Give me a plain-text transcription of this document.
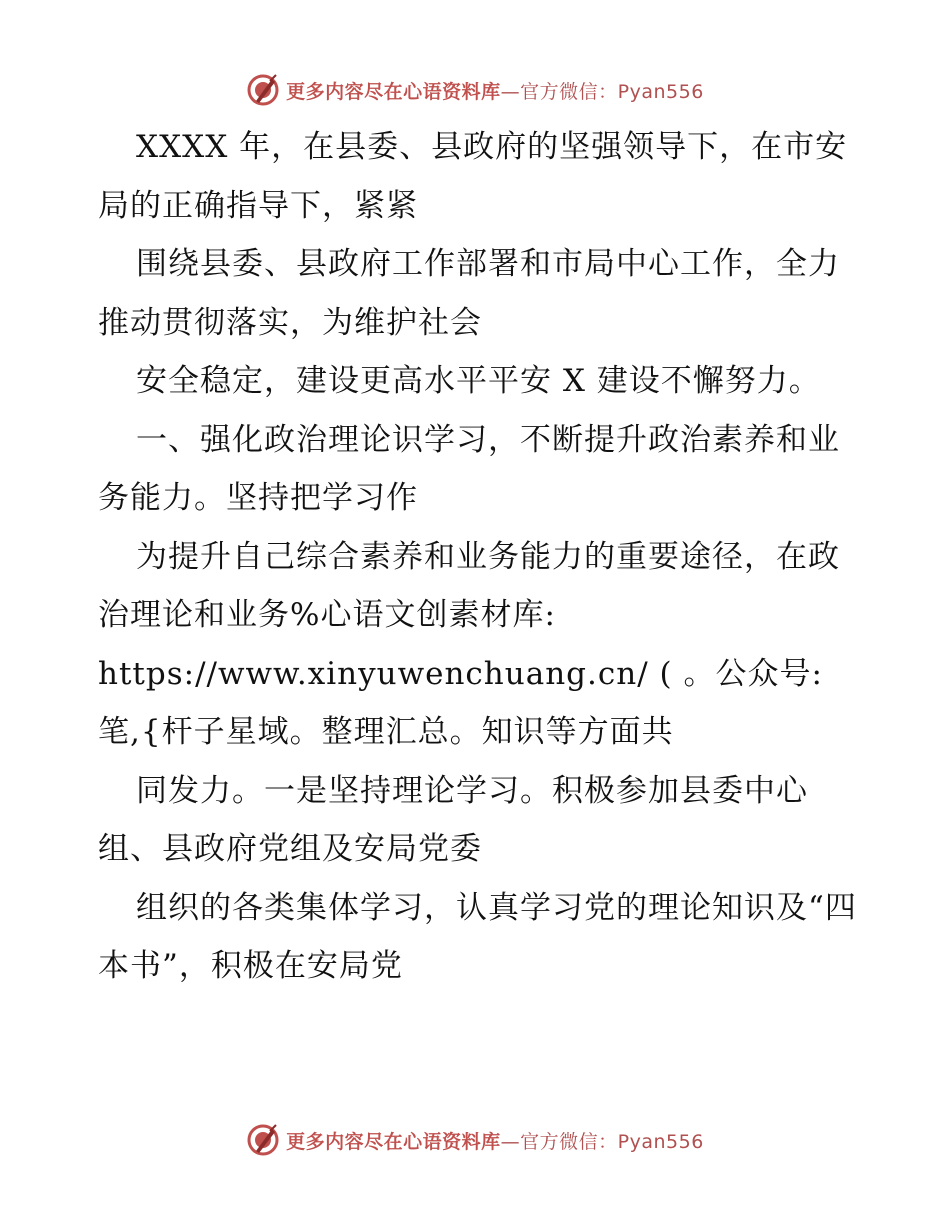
更多内容尽在心语资料库 —官方微信：Pyan556

XXXX 年，在县委、县政府的坚强领导下，在市安局的正确指导下，紧紧

围绕县委、县政府工作部署和市局中心工作，全力推动贯彻落实，为维护社会

安全稳定，建设更高水平平安 X 建设不懈努力。

一、强化政治理论识学习，不断提升政治素养和业务能力。坚持把学习作

为提升自己综合素养和业务能力的重要途径，在政治理论和业务%心语文创素材库: https://www.xinyuwenchuang.cn/ ( 。公众号: 笔,{杆子星域。整理汇总。知识等方面共

同发力。一是坚持理论学习。积极参加县委中心组、县政府党组及安局党委

组织的各类集体学习，认真学习党的理论知识及“四本书”，积极在安局党

更多内容尽在心语资料库 —官方微信：Pyan556
